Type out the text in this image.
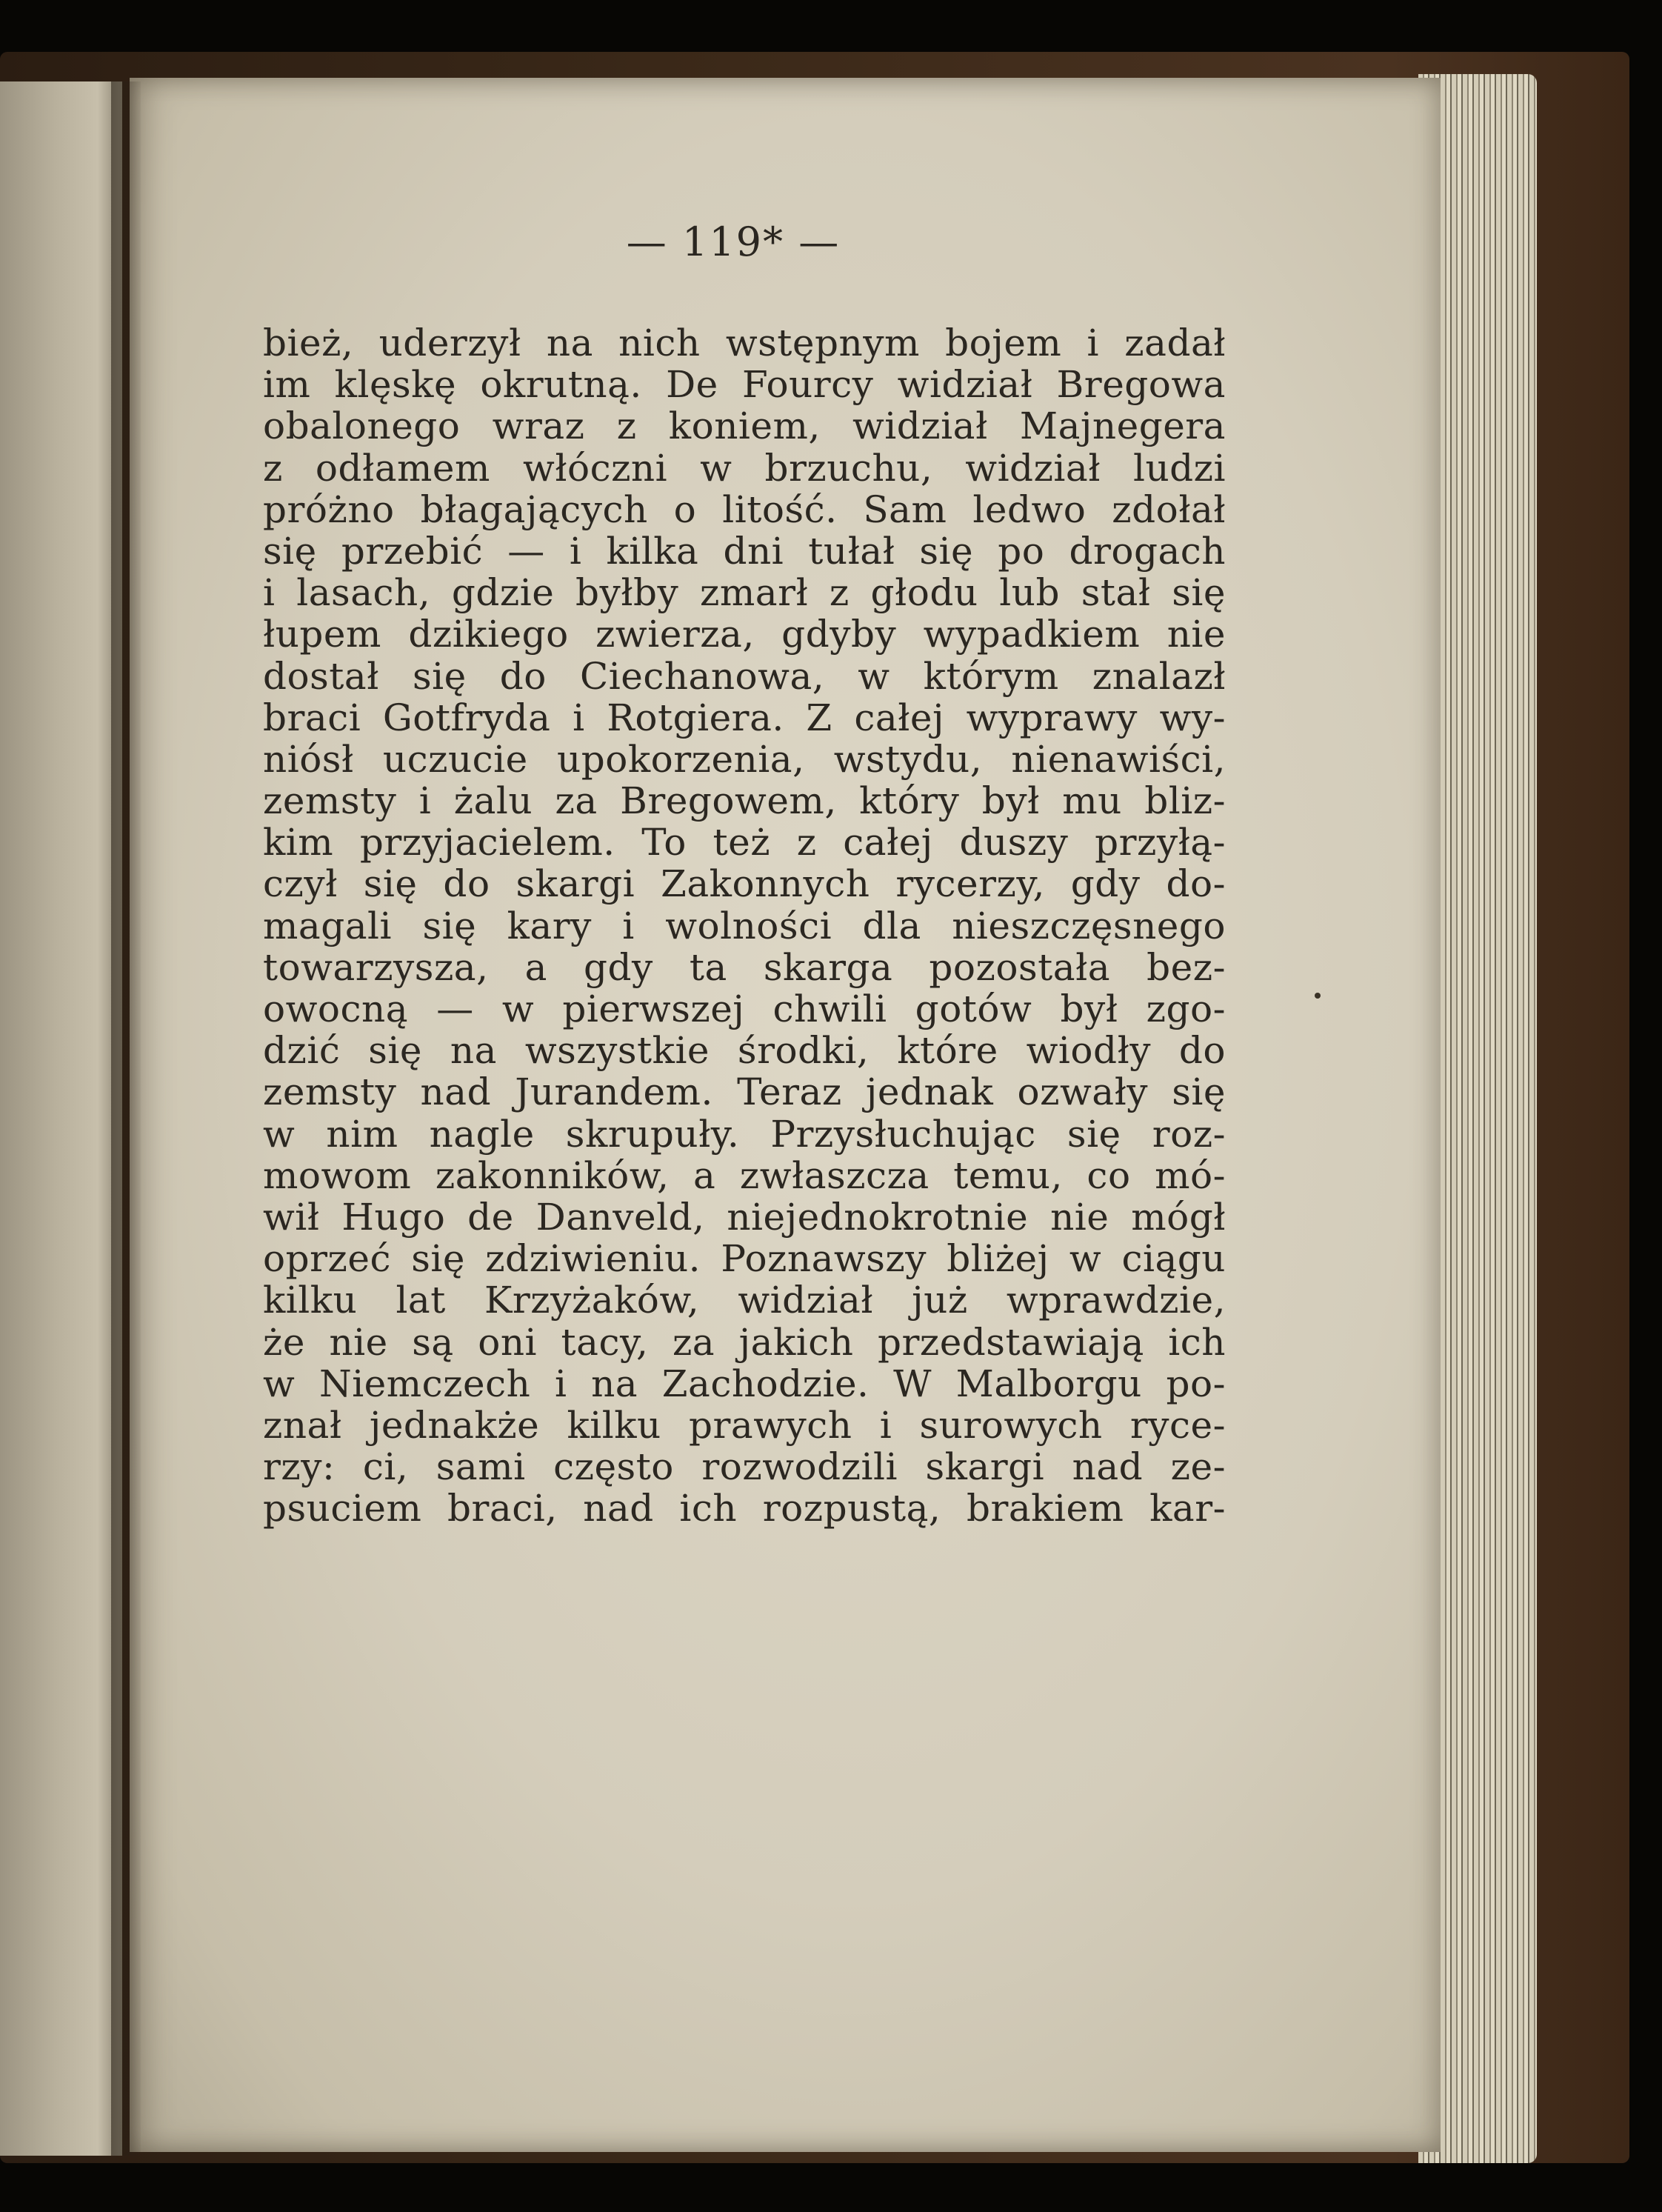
— 119* —
bież, uderzył na nich wstępnym bojem i zadał
im klęskę okrutną. De Fourcy widział Bregowa
obalonego wraz z koniem, widział Majnegera
z odłamem włóczni w brzuchu, widział ludzi
próżno błagających o litość. Sam ledwo zdołał
się przebić — i kilka dni tułał się po drogach
i lasach, gdzie byłby zmarł z głodu lub stał się
łupem dzikiego zwierza, gdyby wypadkiem nie
dostał się do Ciechanowa, w którym znalazł
braci Gotfryda i Rotgiera. Z całej wyprawy wy-
niósł uczucie upokorzenia, wstydu, nienawiści,
zemsty i żalu za Bregowem, który był mu bliz-
kim przyjacielem. To też z całej duszy przyłą-
czył się do skargi Zakonnych rycerzy, gdy do-
magali się kary i wolności dla nieszczęsnego
towarzysza, a gdy ta skarga pozostała bez-
owocną — w pierwszej chwili gotów był zgo-
dzić się na wszystkie środki, które wiodły do
zemsty nad Jurandem. Teraz jednak ozwały się
w nim nagle skrupuły. Przysłuchując się roz-
mowom zakonników, a zwłaszcza temu, co mó-
wił Hugo de Danveld, niejednokrotnie nie mógł
oprzeć się zdziwieniu. Poznawszy bliżej w ciągu
kilku lat Krzyżaków, widział już wprawdzie,
że nie są oni tacy, za jakich przedstawiają ich
w Niemczech i na Zachodzie. W Malborgu po-
znał jednakże kilku prawych i surowych ryce-
rzy: ci, sami często rozwodzili skargi nad ze-
psuciem braci, nad ich rozpustą, brakiem kar-
